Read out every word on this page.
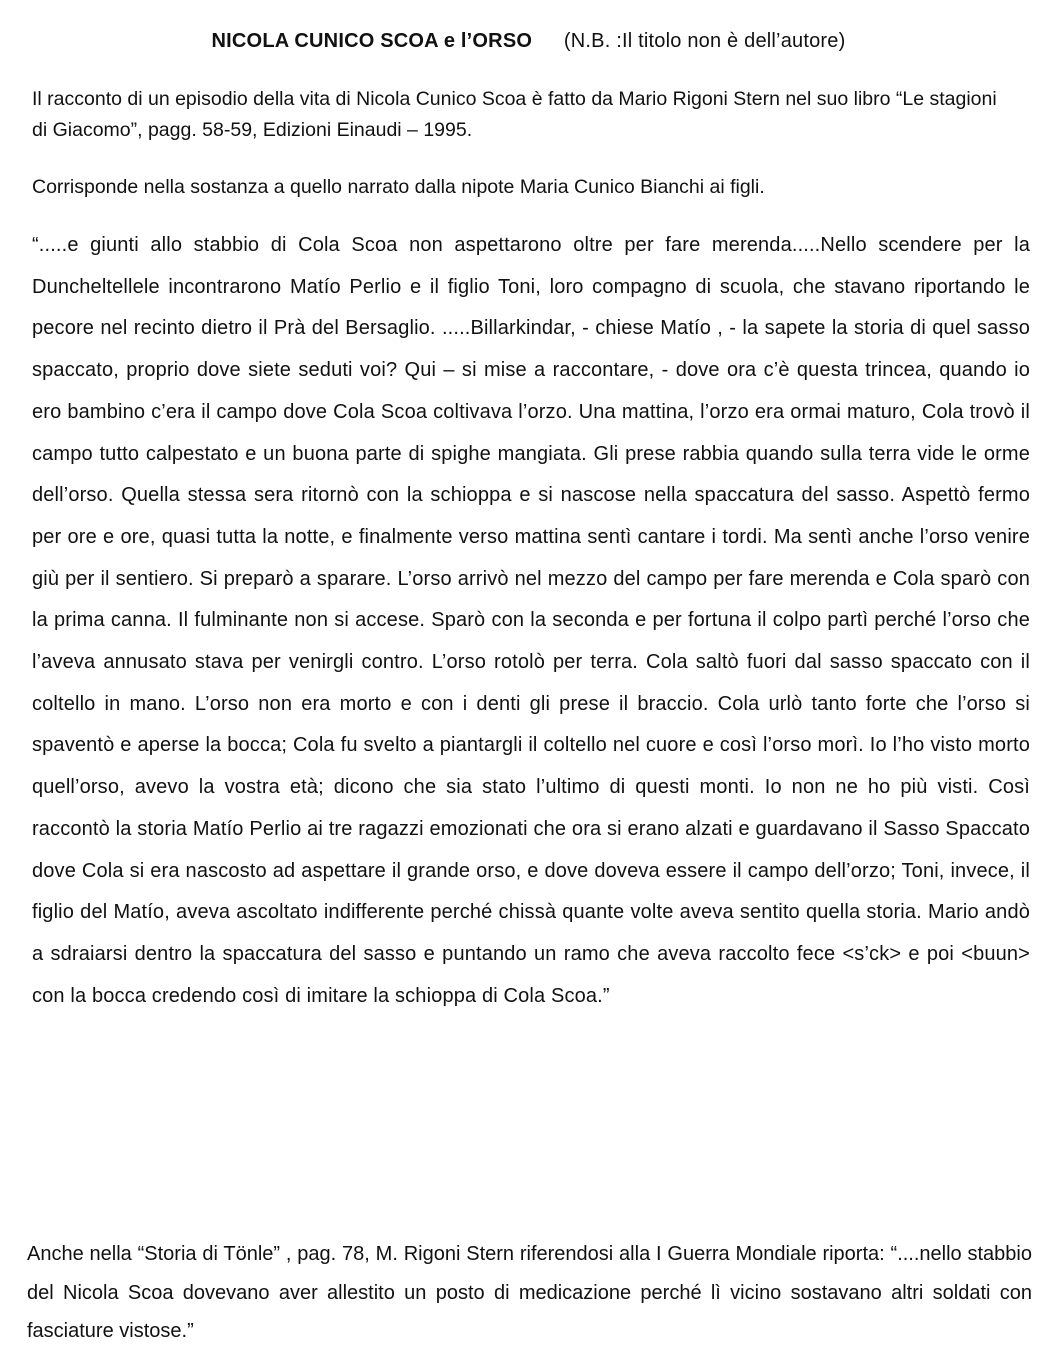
NICOLA CUNICO SCOA e l’ORSO (N.B. :Il titolo non è dell’autore)

Il racconto di un episodio della vita di Nicola Cunico Scoa è fatto da Mario Rigoni Stern nel suo libro “Le stagioni di Giacomo”, pagg. 58-59, Edizioni Einaudi – 1995.

Corrisponde nella sostanza a quello narrato dalla nipote Maria Cunico Bianchi ai figli.

“.....e giunti allo stabbio di Cola Scoa non aspettarono oltre per fare merenda.....Nello scendere per la Duncheltellele incontrarono Matío Perlio e il figlio Toni, loro compagno di scuola, che stavano riportando le pecore nel recinto dietro il Prà del Bersaglio. .....Billarkindar, - chiese Matío , - la sapete la storia di quel sasso spaccato, proprio dove siete seduti voi? Qui – si mise a raccontare, - dove ora c’è questa trincea, quando io ero bambino c’era il campo dove Cola Scoa coltivava l’orzo. Una mattina, l’orzo era ormai maturo, Cola trovò il campo tutto calpestato e un buona parte di spighe mangiata. Gli prese rabbia quando sulla terra vide le orme dell’orso. Quella stessa sera ritornò con la schioppa e si nascose nella spaccatura del sasso. Aspettò fermo per ore e ore, quasi tutta la notte, e finalmente verso mattina sentì cantare i tordi. Ma sentì anche l’orso venire giù per il sentiero. Si preparò a sparare. L’orso arrivò nel mezzo del campo per fare merenda e Cola sparò con la prima canna. Il fulminante non si accese. Sparò con la seconda e per fortuna il colpo partì perché l’orso che l’aveva annusato stava per venirgli contro. L’orso rotolò per terra. Cola saltò fuori dal sasso spaccato con il coltello in mano. L’orso non era morto e con i denti gli prese il braccio. Cola urlò tanto forte che l’orso si spaventò e aperse la bocca; Cola fu svelto a piantargli il coltello nel cuore e così l’orso morì. Io l’ho visto morto quell’orso, avevo la vostra età; dicono che sia stato l’ultimo di questi monti. Io non ne ho più visti. Così raccontò la storia Matío Perlio ai tre ragazzi emozionati che ora si erano alzati e guardavano il Sasso Spaccato dove Cola si era nascosto ad aspettare il grande orso, e dove doveva essere il campo dell’orzo; Toni, invece, il figlio del Matío, aveva ascoltato indifferente perché chissà quante volte aveva sentito quella storia. Mario andò a sdraiarsi dentro la spaccatura del sasso e puntando un ramo che aveva raccolto fece <s’ck> e poi <buun> con la bocca credendo così di imitare la schioppa di Cola Scoa.”

Anche nella “Storia di Tönle” , pag. 78, M. Rigoni Stern riferendosi alla I Guerra Mondiale riporta: “....nello stabbio del Nicola Scoa dovevano aver allestito un posto di medicazione perché lì vicino sostavano altri soldati con fasciature vistose.”
